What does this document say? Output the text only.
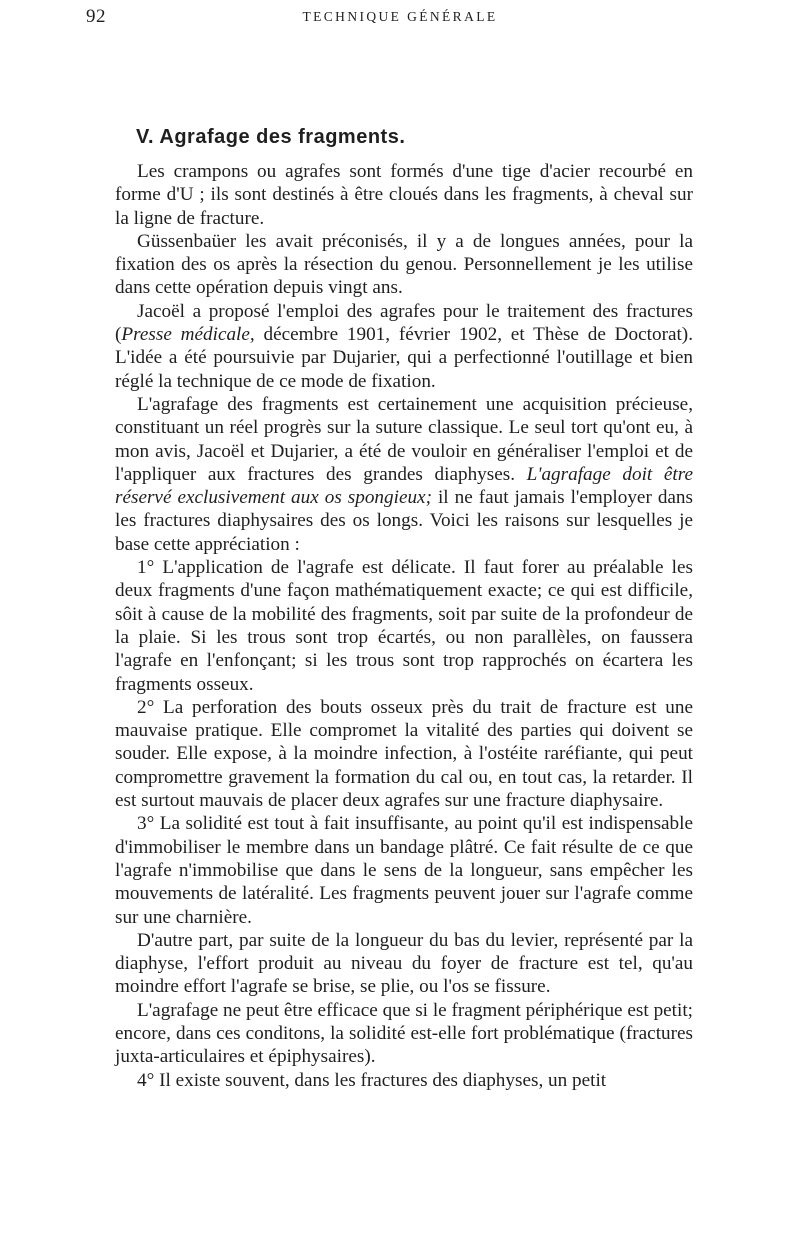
92	TECHNIQUE GÉNÉRALE
V. Agrafage des fragments.

Les crampons ou agrafes sont formés d'une tige d'acier recourbé en forme d'U ; ils sont destinés à être cloués dans les fragments, à cheval sur la ligne de fracture.

Güssenbaüer les avait préconisés, il y a de longues années, pour la fixation des os après la résection du genou. Personnellement je les utilise dans cette opération depuis vingt ans.

Jacoël a proposé l'emploi des agrafes pour le traitement des fractures (Presse médicale, décembre 1901, février 1902, et Thèse de Doctorat). L'idée a été poursuivie par Dujarier, qui a perfectionné l'outillage et bien réglé la technique de ce mode de fixation.

L'agrafage des fragments est certainement une acquisition précieuse, constituant un réel progrès sur la suture classique. Le seul tort qu'ont eu, à mon avis, Jacoël et Dujarier, a été de vouloir en généraliser l'emploi et de l'appliquer aux fractures des grandes diaphyses. L'agrafage doit être réservé exclusivement aux os spongieux; il ne faut jamais l'employer dans les fractures diaphysaires des os longs. Voici les raisons sur lesquelles je base cette appréciation :

1° L'application de l'agrafe est délicate. Il faut forer au préalable les deux fragments d'une façon mathématiquement exacte; ce qui est difficile, sôit à cause de la mobilité des fragments, soit par suite de la profondeur de la plaie. Si les trous sont trop écartés, ou non parallèles, on faussera l'agrafe en l'enfonçant; si les trous sont trop rapprochés on écartera les fragments osseux.

2° La perforation des bouts osseux près du trait de fracture est une mauvaise pratique. Elle compromet la vitalité des parties qui doivent se souder. Elle expose, à la moindre infection, à l'ostéite raréfiante, qui peut compromettre gravement la formation du cal ou, en tout cas, la retarder. Il est surtout mauvais de placer deux agrafes sur une fracture diaphysaire.

3° La solidité est tout à fait insuffisante, au point qu'il est indispensable d'immobiliser le membre dans un bandage plâtré. Ce fait résulte de ce que l'agrafe n'immobilise que dans le sens de la longueur, sans empêcher les mouvements de latéralité. Les fragments peuvent jouer sur l'agrafe comme sur une charnière.

D'autre part, par suite de la longueur du bas du levier, représenté par la diaphyse, l'effort produit au niveau du foyer de fracture est tel, qu'au moindre effort l'agrafe se brise, se plie, ou l'os se fissure.

L'agrafage ne peut être efficace que si le fragment périphérique est petit; encore, dans ces conditons, la solidité est-elle fort problématique (fractures juxta-articulaires et épiphysaires).

4° Il existe souvent, dans les fractures des diaphyses, un petit
